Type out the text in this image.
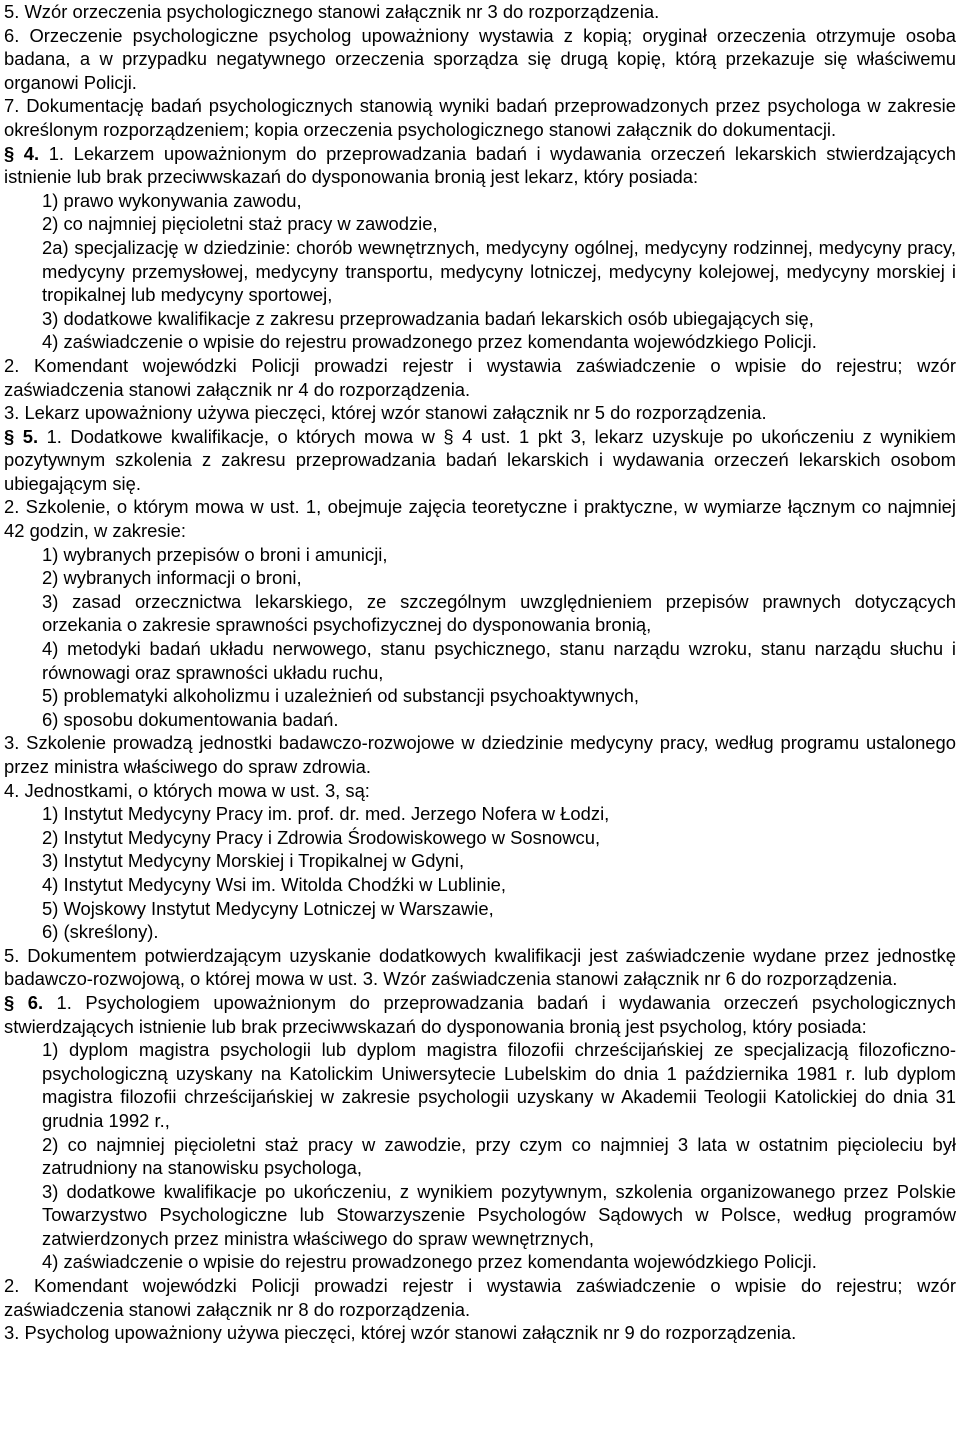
5. Wzór orzeczenia psychologicznego stanowi załącznik nr 3 do rozporządzenia.

6. Orzeczenie psychologiczne psycholog upoważniony wystawia z kopią; oryginał orzeczenia otrzymuje osoba badana, a w przypadku negatywnego orzeczenia sporządza się drugą kopię, którą przekazuje się właściwemu organowi Policji.

7. Dokumentację badań psychologicznych stanowią wyniki badań przeprowadzonych przez psychologa w zakresie określonym rozporządzeniem; kopia orzeczenia psychologicznego stanowi załącznik do dokumentacji.

§ 4. 1. Lekarzem upoważnionym do przeprowadzania badań i wydawania orzeczeń lekarskich stwierdzających istnienie lub brak przeciwwskazań do dysponowania bronią jest lekarz, który posiada:

1) prawo wykonywania zawodu,

2) co najmniej pięcioletni staż pracy w zawodzie,

2a) specjalizację w dziedzinie: chorób wewnętrznych, medycyny ogólnej, medycyny rodzinnej, medycyny pracy, medycyny przemysłowej, medycyny transportu, medycyny lotniczej, medycyny kolejowej, medycyny morskiej i tropikalnej lub medycyny sportowej,

3) dodatkowe kwalifikacje z zakresu przeprowadzania badań lekarskich osób ubiegających się,

4) zaświadczenie o wpisie do rejestru prowadzonego przez komendanta wojewódzkiego Policji.

2. Komendant wojewódzki Policji prowadzi rejestr i wystawia zaświadczenie o wpisie do rejestru; wzór zaświadczenia stanowi załącznik nr 4 do rozporządzenia.

3. Lekarz upoważniony używa pieczęci, której wzór stanowi załącznik nr 5 do rozporządzenia.

§ 5. 1. Dodatkowe kwalifikacje, o których mowa w § 4 ust. 1 pkt 3, lekarz uzyskuje po ukończeniu z wynikiem pozytywnym szkolenia z zakresu przeprowadzania badań lekarskich i wydawania orzeczeń lekarskich osobom ubiegającym się.

2. Szkolenie, o którym mowa w ust. 1, obejmuje zajęcia teoretyczne i praktyczne, w wymiarze łącznym co najmniej 42 godzin, w zakresie:

1) wybranych przepisów o broni i amunicji,

2) wybranych informacji o broni,

3) zasad orzecznictwa lekarskiego, ze szczególnym uwzględnieniem przepisów prawnych dotyczących orzekania o zakresie sprawności psychofizycznej do dysponowania bronią,

4) metodyki badań układu nerwowego, stanu psychicznego, stanu narządu wzroku, stanu narządu słuchu i równowagi oraz sprawności układu ruchu,

5) problematyki alkoholizmu i uzależnień od substancji psychoaktywnych,

6) sposobu dokumentowania badań.

3. Szkolenie prowadzą jednostki badawczo-rozwojowe w dziedzinie medycyny pracy, według programu ustalonego przez ministra właściwego do spraw zdrowia.

4. Jednostkami, o których mowa w ust. 3, są:

1) Instytut Medycyny Pracy im. prof. dr. med. Jerzego Nofera w Łodzi,

2) Instytut Medycyny Pracy i Zdrowia Środowiskowego w Sosnowcu,

3) Instytut Medycyny Morskiej i Tropikalnej w Gdyni,

4) Instytut Medycyny Wsi im. Witolda Chodźki w Lublinie,

5) Wojskowy Instytut Medycyny Lotniczej w Warszawie,

6) (skreślony).

5. Dokumentem potwierdzającym uzyskanie dodatkowych kwalifikacji jest zaświadczenie wydane przez jednostkę badawczo-rozwojową, o której mowa w ust. 3. Wzór zaświadczenia stanowi załącznik nr 6 do rozporządzenia.

§ 6. 1. Psychologiem upoważnionym do przeprowadzania badań i wydawania orzeczeń psychologicznych stwierdzających istnienie lub brak przeciwwskazań do dysponowania bronią jest psycholog, który posiada:

1) dyplom magistra psychologii lub dyplom magistra filozofii chrześcijańskiej ze specjalizacją filozoficzno-psychologiczną uzyskany na Katolickim Uniwersytecie Lubelskim do dnia 1 października 1981 r. lub dyplom magistra filozofii chrześcijańskiej w zakresie psychologii uzyskany w Akademii Teologii Katolickiej do dnia 31 grudnia 1992 r.,

2) co najmniej pięcioletni staż pracy w zawodzie, przy czym co najmniej 3 lata w ostatnim pięcioleciu był zatrudniony na stanowisku psychologa,

3) dodatkowe kwalifikacje po ukończeniu, z wynikiem pozytywnym, szkolenia organizowanego przez Polskie Towarzystwo Psychologiczne lub Stowarzyszenie Psychologów Sądowych w Polsce, według programów zatwierdzonych przez ministra właściwego do spraw wewnętrznych,

4) zaświadczenie o wpisie do rejestru prowadzonego przez komendanta wojewódzkiego Policji.

2. Komendant wojewódzki Policji prowadzi rejestr i wystawia zaświadczenie o wpisie do rejestru; wzór zaświadczenia stanowi załącznik nr 8 do rozporządzenia.

3. Psycholog upoważniony używa pieczęci, której wzór stanowi załącznik nr 9 do rozporządzenia.
